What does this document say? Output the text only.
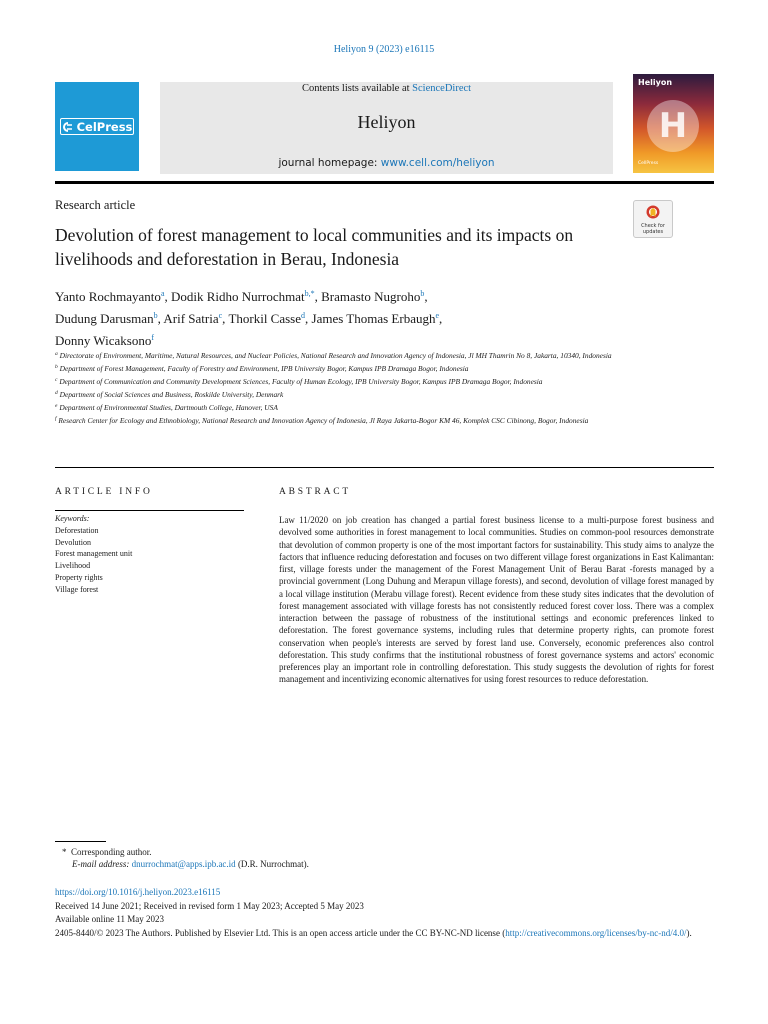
Heliyon 9 (2023) e16115
CelPress
Contents lists available at ScienceDirect
Heliyon
journal homepage: www.cell.com/heliyon
Heliyon
H
CellPress
Research article
Check for updates
Devolution of forest management to local communities and its impacts on livelihoods and deforestation in Berau, Indonesia
Yanto Rochmayanto$^a$, Dodik Ridho Nurrochmat$^{b,*}$, Bramasto Nugroho$^b$,
Dudung Darusman$^b$, Arif Satria$^c$, Thorkil Casse$^d$, James Thomas Erbaugh$^e$,
Donny Wicaksono$^f$
$^a$ Directorate of Environment, Maritime, Natural Resources, and Nuclear Policies, National Research and Innovation Agency of Indonesia, Jl MH Thamrin No 8, Jakarta, 10340, Indonesia
$^b$ Department of Forest Management, Faculty of Forestry and Environment, IPB University Bogor, Kampus IPB Dramaga Bogor, Indonesia
$^c$ Department of Communication and Community Development Sciences, Faculty of Human Ecology, IPB University Bogor, Kampus IPB Dramaga Bogor, Indonesia
$^d$ Department of Social Sciences and Business, Roskilde University, Denmark
$^e$ Department of Environmental Studies, Dartmouth College, Hanover, USA
$^f$ Research Center for Ecology and Ethnobiology, National Research and Innovation Agency of Indonesia, Jl Raya Jakarta-Bogor KM 46, Komplek CSC Cibinong, Bogor, Indonesia
ARTICLE INFO	ABSTRACT
Keywords:
Deforestation
Devolution
Forest management unit
Livelihood
Property rights
Village forest
Law 11/2020 on job creation has changed a partial forest business license to a multi-purpose forest business and devolved some authorities in forest management to local communities. Studies on common-pool resources demonstrate that devolution of common property is one of the most important factors for sustainability. This study aims to analyze the factors that influence reducing deforestation and focuses on two different village forest organizations in East Kalimantan: first, village forests under the management of the Forest Management Unit of Berau Barat -forests managed by a provincial government (Long Duhung and Merapun village forests), and second, devolution of village forest managed by a local village institution (Merabu village forest). Recent evidence from these study sites indicates that the devolution of forest management associated with village forests has not consistently reduced forest cover loss. There was a complex interaction between the passage of robustness of the institutional settings and economic preferences linked to deforestation. The forest governance systems, including rules that determine property rights, can promote forest conservation when people's interests are served by forest land use. Conversely, economic preferences also control deforestation. This study confirms that the institutional robustness of forest governance systems and actors' economic preferences play an important role in controlling deforestation. This study suggests the devolution of rights for forest management and incentivizing economic alternatives for using forest resources to reduce deforestation.
*  Corresponding author.
E-mail address: dnurrochmat@apps.ipb.ac.id (D.R. Nurrochmat).
https://doi.org/10.1016/j.heliyon.2023.e16115
Received 14 June 2021; Received in revised form 1 May 2023; Accepted 5 May 2023
Available online 11 May 2023
2405-8440/© 2023 The Authors. Published by Elsevier Ltd. This is an open access article under the CC BY-NC-ND license (http://creativecommons.org/licenses/by-nc-nd/4.0/).
